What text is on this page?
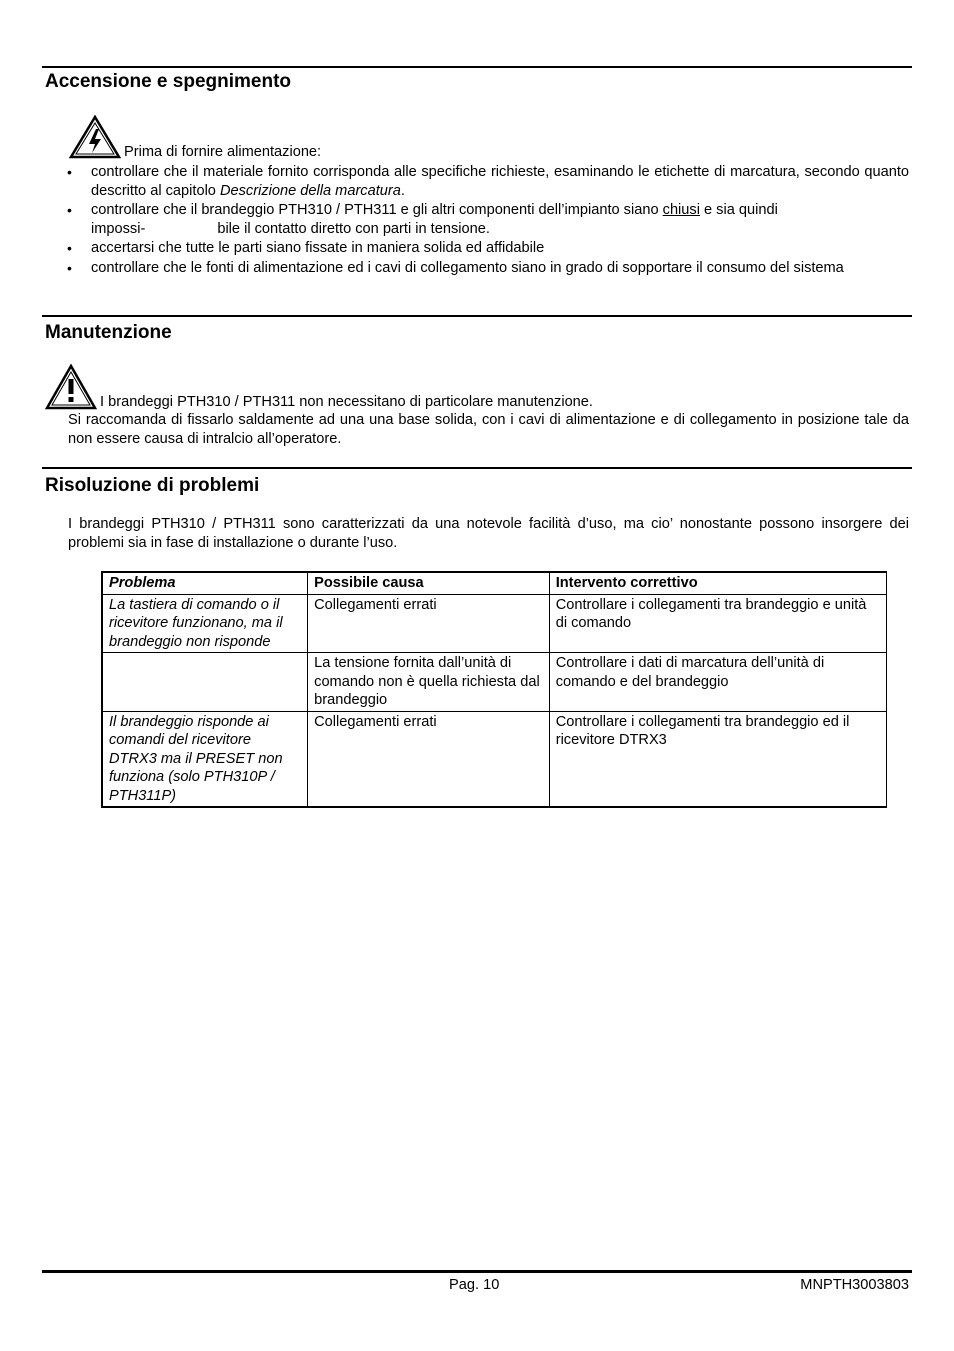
Accensione e spegnimento
Prima di fornire alimentazione:
• controllare che il materiale fornito corrisponda alle specifiche richieste, esaminando le etichette di marcatura, secondo quanto descritto al capitolo Descrizione della marcatura.
• controllare che il brandeggio PTH310 / PTH311 e gli altri componenti dell’impianto siano chiusi e sia quindi
impossi-	bile il contatto diretto con parti in tensione.
• accertarsi che tutte le parti siano fissate in maniera solida ed affidabile
• controllare che le fonti di alimentazione ed i cavi di collegamento siano in grado di sopportare il consumo del sistema
Manutenzione
I brandeggi PTH310 / PTH311 non necessitano di particolare manutenzione.
Si raccomanda di fissarlo saldamente ad una una base solida, con i cavi di alimentazione e di collegamento in posizione tale da non essere causa di intralcio all’operatore.
Risoluzione di problemi
I brandeggi PTH310 / PTH311 sono caratterizzati da una notevole facilità d’uso, ma cio’ nonostante possono insorgere dei problemi sia in fase di installazione o durante l’uso.
Problema	Possibile causa	Intervento correttivo
La tastiera di comando o il ricevitore funzionano, ma il brandeggio non risponde	Collegamenti errati	Controllare i collegamenti tra brandeggio e unità di comando
	La tensione fornita dall’unità di comando non è quella richiesta dal brandeggio	Controllare i dati di marcatura dell’unità di comando e del brandeggio
Il brandeggio risponde ai comandi del ricevitore DTRX3 ma il PRESET non funziona (solo PTH310P / PTH311P)	Collegamenti errati	Controllare i collegamenti tra brandeggio ed il ricevitore DTRX3
Pag. 10	MNPTH3003803
